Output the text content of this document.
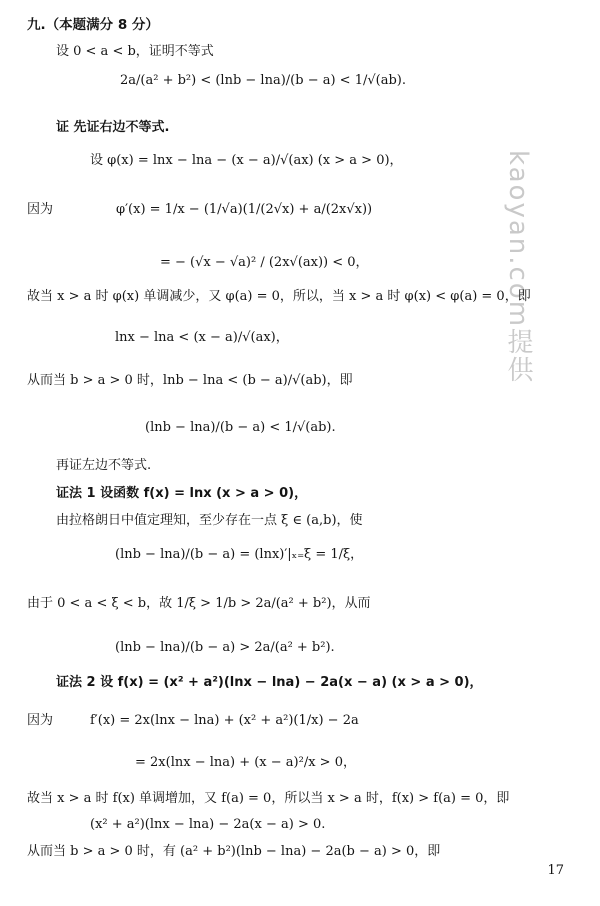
kaoyan.com提供
17
九.（本题满分 8 分）
设 0 < a < b，证明不等式
2a/(a² + b²) < (lnb − lna)/(b − a) < 1/√(ab).
证 先证右边不等式.
设 φ(x) = lnx − lna − (x − a)/√(ax) (x > a > 0)，
因为	φ′(x) = 1/x − (1/√a)(1/(2√x) + a/(2x√x))
= − (√x − √a)² / (2x√(ax)) < 0，
故当 x > a 时 φ(x) 单调减少，又 φ(a) = 0，所以，当 x > a 时 φ(x) < φ(a) = 0，即
lnx − lna < (x − a)/√(ax)，
从而当 b > a > 0 时，lnb − lna < (b − a)/√(ab)，即
(lnb − lna)/(b − a) < 1/√(ab).
再证左边不等式.
证法 1 设函数 f(x) = lnx (x > a > 0)，
由拉格朗日中值定理知，至少存在一点 ξ ∈ (a,b)，使
(lnb − lna)/(b − a) = (lnx)′|ₓ₌ξ = 1/ξ，
由于 0 < a < ξ < b，故 1/ξ > 1/b > 2a/(a² + b²)，从而
(lnb − lna)/(b − a) > 2a/(a² + b²).
证法 2 设 f(x) = (x² + a²)(lnx − lna) − 2a(x − a) (x > a > 0)，
因为	f′(x) = 2x(lnx − lna) + (x² + a²)(1/x) − 2a
= 2x(lnx − lna) + (x − a)²/x > 0，
故当 x > a 时 f(x) 单调增加，又 f(a) = 0，所以当 x > a 时，f(x) > f(a) = 0，即
(x² + a²)(lnx − lna) − 2a(x − a) > 0.
从而当 b > a > 0 时，有 (a² + b²)(lnb − lna) − 2a(b − a) > 0，即
